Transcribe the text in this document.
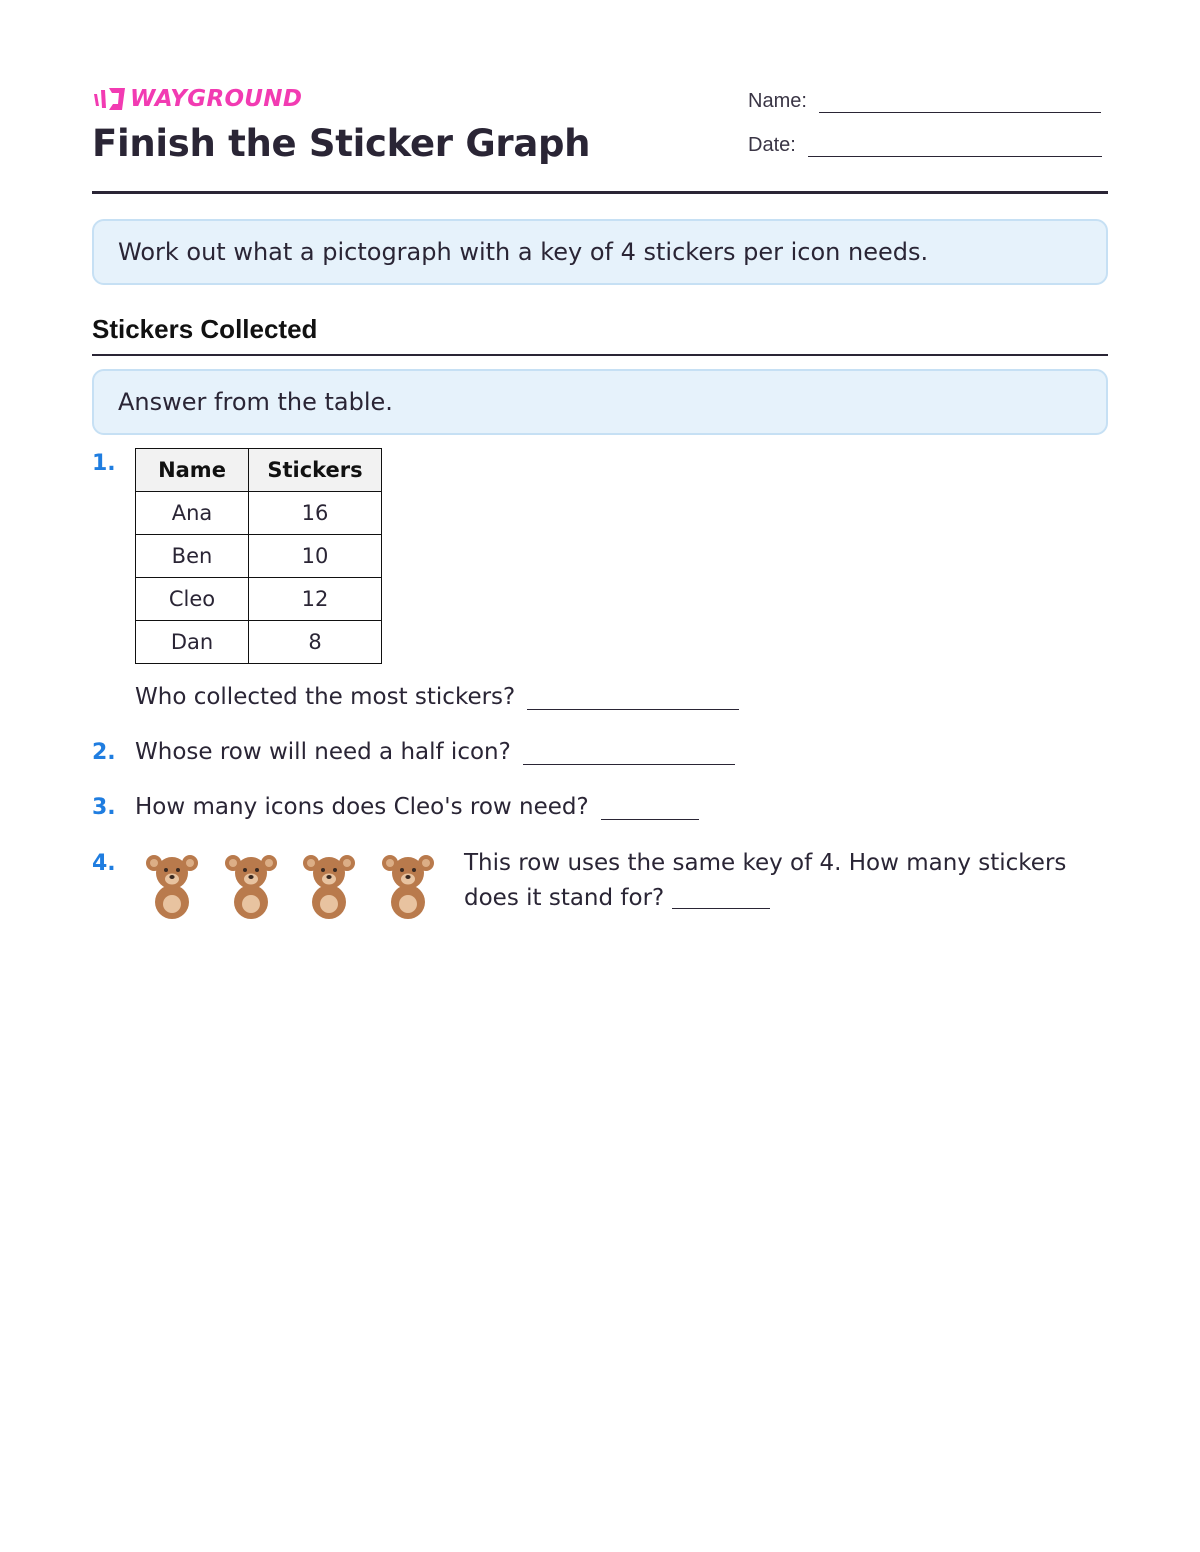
WAYGROUND
Finish the Sticker Graph
Name:
Date:
Work out what a pictograph with a key of 4 stickers per icon needs.
Stickers Collected
Answer from the table.
1. Name	Stickers
Ana	16
Ben	10
Cleo	12
Dan	8
Who collected the most stickers?
2. Whose row will need a half icon?
3. How many icons does Cleo's row need?
4.	This row uses the same key of 4. How many stickers does it stand for?
